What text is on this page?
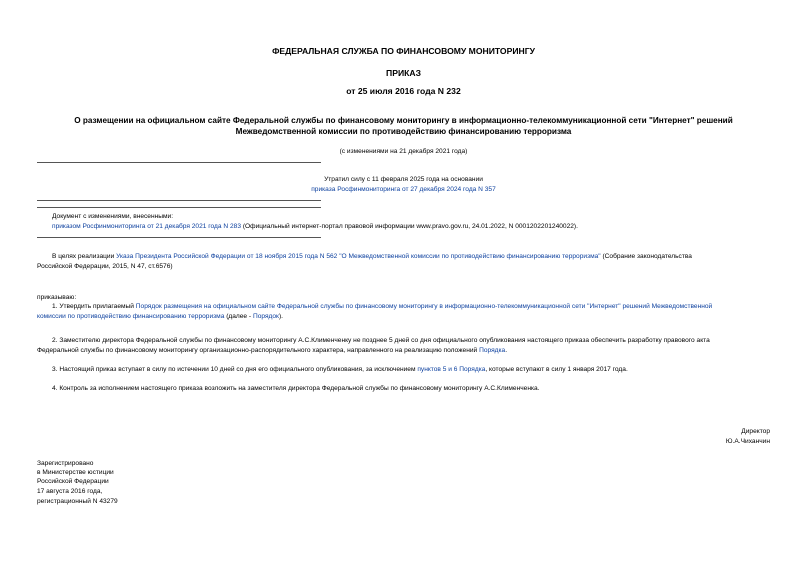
ФЕДЕРАЛЬНАЯ СЛУЖБА ПО ФИНАНСОВОМУ МОНИТОРИНГУ
ПРИКАЗ
от 25 июля 2016 года N 232
О размещении на официальном сайте Федеральной службы по финансовому мониторингу в информационно-телекоммуникационной сети "Интернет" решений
Межведомственной комиссии по противодействию финансированию терроризма
(с изменениями на 21 декабря 2021 года)
Утратил силу с 11 февраля 2025 года на основании
приказа Росфинмониторинга от 27 декабря 2024 года N 357
Документ с изменениями, внесенными:
приказом Росфинмониторинга от 21 декабря 2021 года N 283 (Официальный интернет-портал правовой информации www.pravo.gov.ru, 24.01.2022, N 0001202201240022).
В целях реализации Указа Президента Российской Федерации от 18 ноября 2015 года N 562 "О Межведомственной комиссии по противодействию финансированию терроризма" (Собрание законодательства
Российской Федерации, 2015, N 47, ст.6576)
приказываю:
1. Утвердить прилагаемый Порядок размещения на официальном сайте Федеральной службы по финансовому мониторингу в информационно-телекоммуникационной сети "Интернет" решений Межведомственной
комиссии по противодействию финансированию терроризма (далее - Порядок).
2. Заместителю директора Федеральной службы по финансовому мониторингу А.С.Клименченку не позднее 5 дней со дня официального опубликования настоящего приказа обеспечить разработку правового акта
Федеральной службы по финансовому мониторингу организационно-распорядительного характера, направленного на реализацию положений Порядка.
3. Настоящий приказ вступает в силу по истечении 10 дней со дня его официального опубликования, за исключением пунктов 5 и 6 Порядка, которые вступают в силу 1 января 2017 года.
4. Контроль за исполнением настоящего приказа возложить на заместителя директора Федеральной службы по финансовому мониторингу А.С.Клименченка.
Директор
Ю.А.Чиханчин
Зарегистрировано
в Министерстве юстиции
Российской Федерации
17 августа 2016 года,
регистрационный N 43279
